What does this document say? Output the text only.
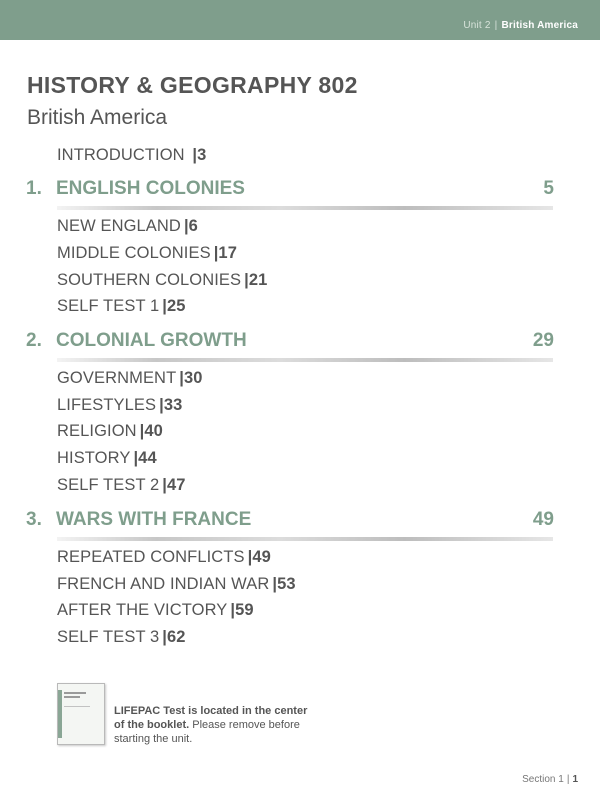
Unit 2 | British America
HISTORY & GEOGRAPHY 802
British America
INTRODUCTION |3
1. ENGLISH COLONIES	5
NEW ENGLAND |6
MIDDLE COLONIES |17
SOUTHERN COLONIES |21
SELF TEST 1 |25
2. COLONIAL GROWTH	29
GOVERNMENT |30
LIFESTYLES |33
RELIGION |40
HISTORY |44
SELF TEST 2 |47
3. WARS WITH FRANCE	49
REPEATED CONFLICTS |49
FRENCH AND INDIAN WAR |53
AFTER THE VICTORY |59
SELF TEST 3 |62
LIFEPAC Test is located in the center of the booklet. Please remove before starting the unit.
Section 1 | 1
